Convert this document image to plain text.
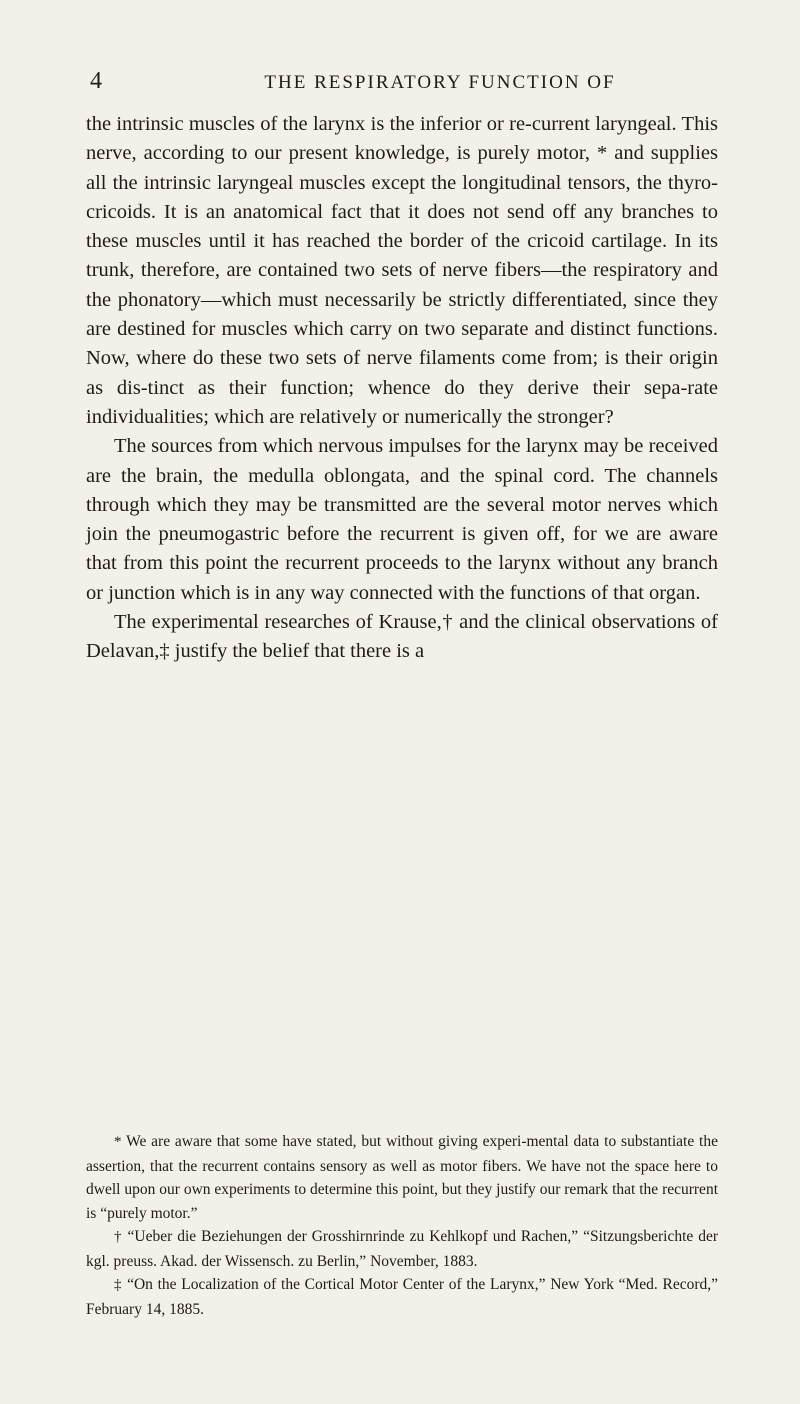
4	THE RESPIRATORY FUNCTION OF

the intrinsic muscles of the larynx is the inferior or re-current laryngeal. This nerve, according to our present knowledge, is purely motor, * and supplies all the intrinsic laryngeal muscles except the longitudinal tensors, the thyro-cricoids. It is an anatomical fact that it does not send off any branches to these muscles until it has reached the border of the cricoid cartilage. In its trunk, therefore, are contained two sets of nerve fibers—the respiratory and the phonatory—which must necessarily be strictly differentiated, since they are destined for muscles which carry on two separate and distinct functions. Now, where do these two sets of nerve filaments come from; is their origin as dis-tinct as their function; whence do they derive their sepa-rate individualities; which are relatively or numerically the stronger?

The sources from which nervous impulses for the larynx may be received are the brain, the medulla oblongata, and the spinal cord. The channels through which they may be transmitted are the several motor nerves which join the pneumogastric before the recurrent is given off, for we are aware that from this point the recurrent proceeds to the larynx without any branch or junction which is in any way connected with the functions of that organ.

The experimental researches of Krause,† and the clinical observations of Delavan,‡ justify the belief that there is a

* We are aware that some have stated, but without giving experi-mental data to substantiate the assertion, that the recurrent contains sensory as well as motor fibers. We have not the space here to dwell upon our own experiments to determine this point, but they justify our remark that the recurrent is “purely motor.”

† “Ueber die Beziehungen der Grosshirnrinde zu Kehlkopf und Rachen,” “Sitzungsberichte der kgl. preuss. Akad. der Wissensch. zu Berlin,” November, 1883.

‡ “On the Localization of the Cortical Motor Center of the Larynx,” New York “Med. Record,” February 14, 1885.
